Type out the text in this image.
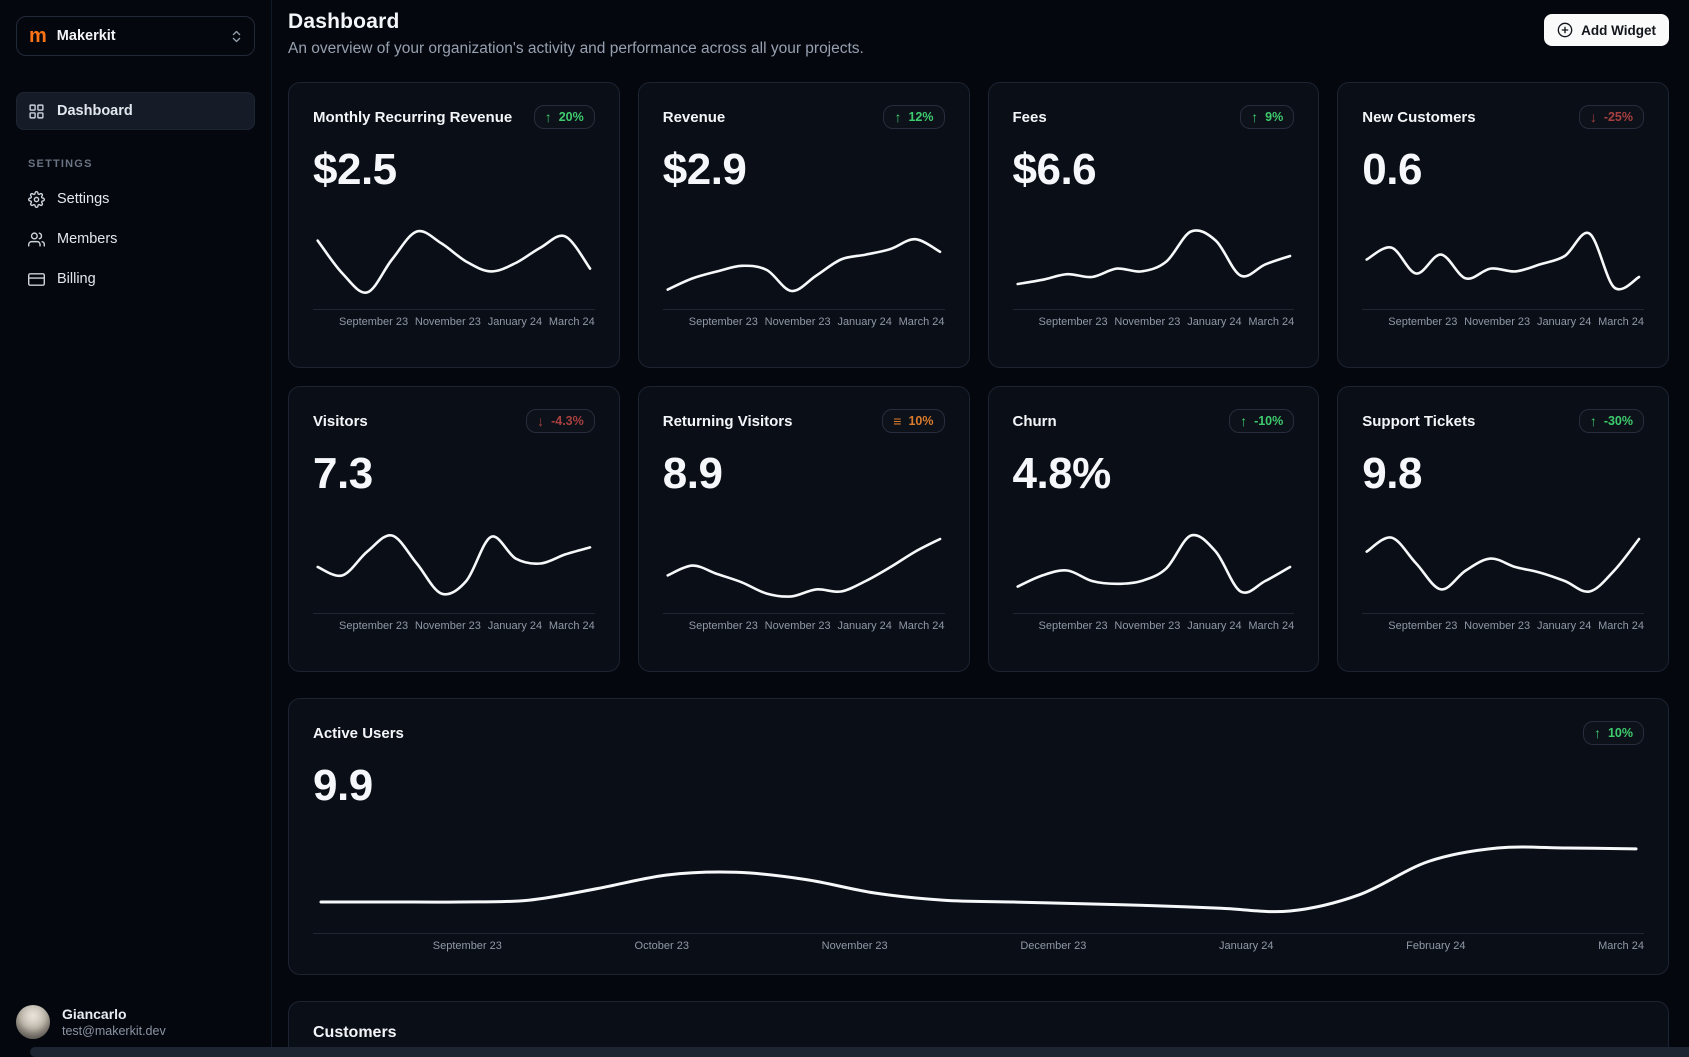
m Makerkit
Dashboard
SETTINGS
Settings
Members
Billing
Giancarlo
test@makerkit.dev
Dashboard

An overview of your organization's activity and performance across all your projects.

Add Widget
Monthly Recurring Revenue ↑ 20%
$2.5
September 23 November 23 January 24 March 24
Revenue	↑ 12%
$2.9
September 23 November 23 January 24 March 24
Fees	↑ 9%
$6.6
September 23 November 23 January 24 March 24
New Customers	↓ -25%
0.6
September 23 November 23 January 24 March 24
Visitors	↓ -4.3%
7.3
September 23 November 23 January 24 March 24
Returning Visitors	≡ 10%
8.9
September 23 November 23 January 24 March 24
Churn	↑ -10%
4.8%
September 23 November 23 January 24 March 24
Support Tickets	↑ -30%
9.8
September 23 November 23 January 24 March 24
Active Users	↑ 10%
9.9
September 23	October 23	November 23	December 23	January 24	February 24	March 24
Customers
